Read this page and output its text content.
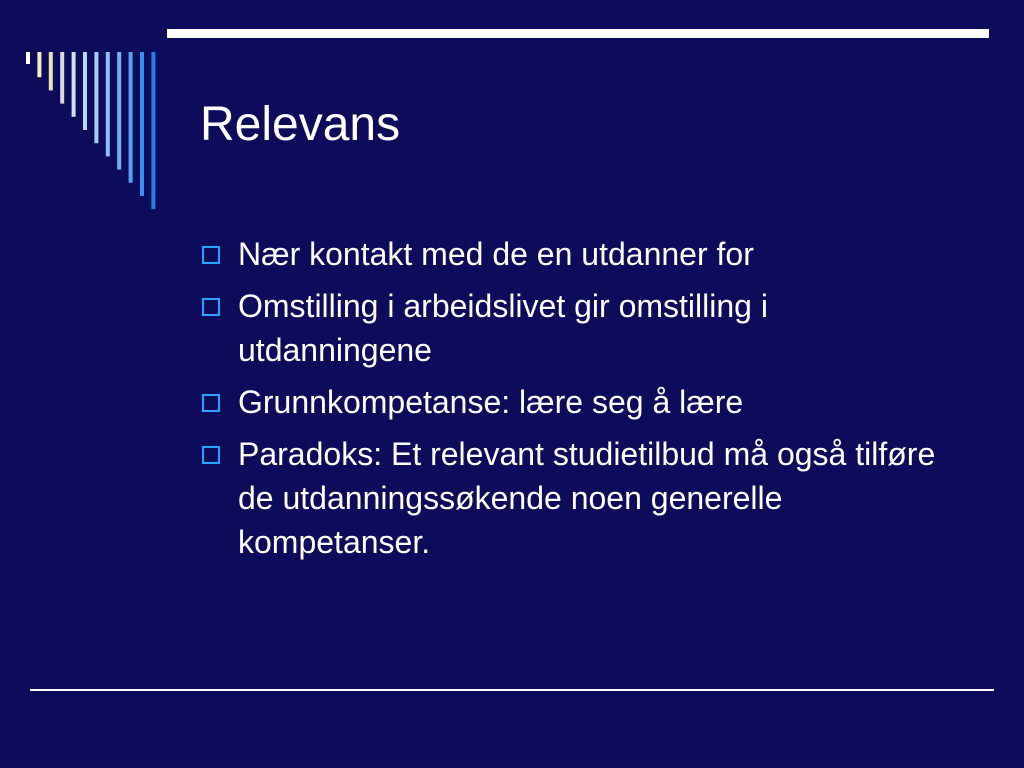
Relevans
Nær kontakt med de en utdanner for
Omstilling i arbeidslivet gir omstilling i utdanningene
Grunnkompetanse: lære seg å lære
Paradoks: Et relevant studietilbud må også tilføre de utdanningssøkende noen generelle kompetanser.
